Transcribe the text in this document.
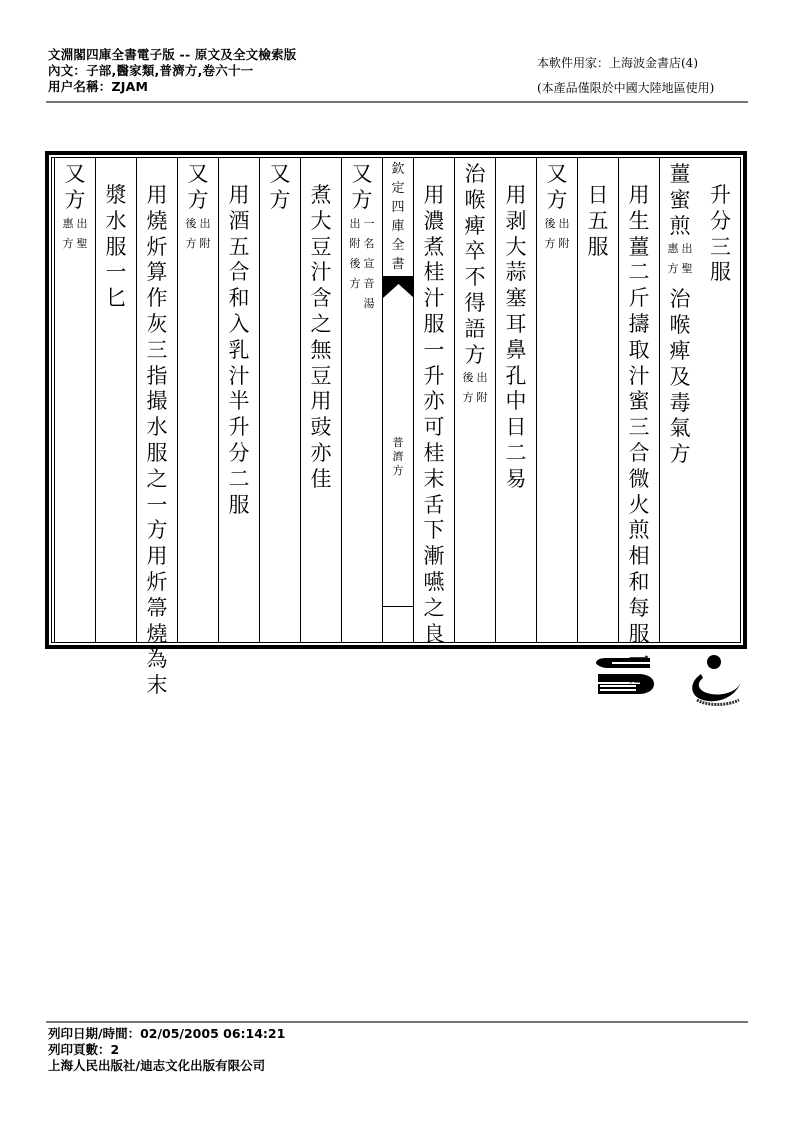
文淵閣四庫全書電子版 -- 原文及全文檢索版
內文：子部,醫家類,普濟方,卷六十一
用户名稱：ZJAM
本軟件用家：上海波金書店(4)
(本產品僅限於中國大陸地區使用)
升
分
三
服
薑
蜜
煎
出
聖
惠
方
治
喉
痺
及
毒
氣
方
用
生
薑
二
斤
擣
取
汁
蜜
三
合
微
火
煎
相
和
每
服
日
五
服
又
方
出
附
後
方
用
剥
大
蒜
塞
耳
鼻
孔
中
日
二
易
治
喉
痺
卒
不
得
語
方
出
附
後
方
用
濃
煮
桂
汁
服
一
升
亦
可
桂
末
舌
下
漸
嚥
之
良
欽
定
四
庫
全
書
普
濟
方
又
方
一
名
宣
音
湯
出
附
後
方
煮
大
豆
汁
含
之
無
豆
用
豉
亦
佳
又
方
用
酒
五
合
和
入
乳
汁
半
升
分
二
服
又
方
出
附
後
方
用
燒
炘
算
作
灰
三
指
撮
水
服
之
一
方
用
炘
箒
燒
為
末
漿
水
服
一
匕
又
方
出
聖
惠
方
列印日期/時間：02/05/2005 06:14:21
列印頁數：2
上海人民出版社/迪志文化出版有限公司
